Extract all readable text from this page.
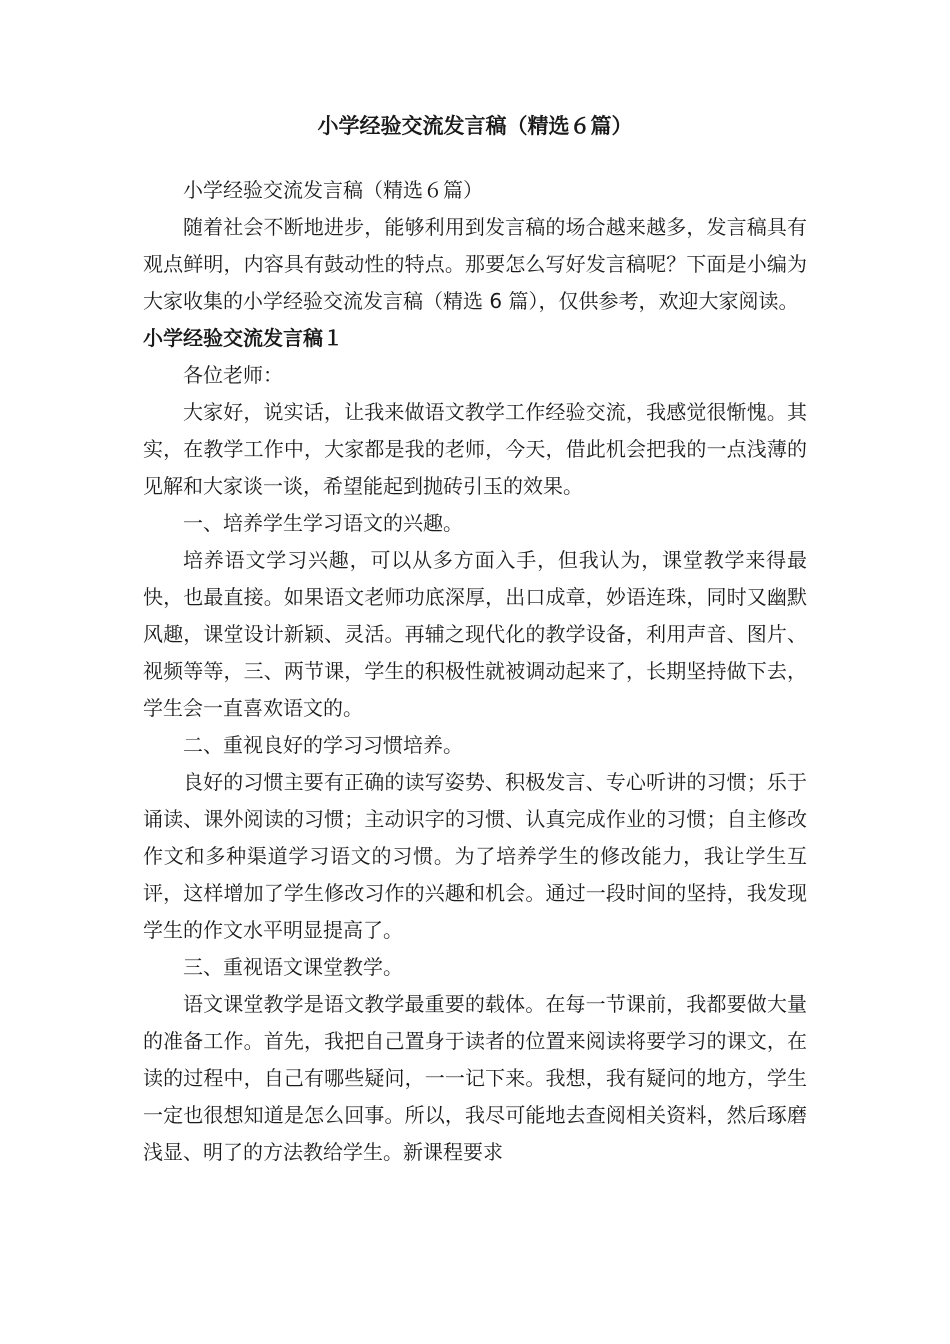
小学经验交流发言稿（精选６篇）

小学经验交流发言稿（精选６篇）

随着社会不断地进步，能够利用到发言稿的场合越来越多，发言稿具有观点鲜明，内容具有鼓动性的特点。那要怎么写好发言稿呢？下面是小编为大家收集的小学经验交流发言稿（精选 6 篇），仅供参考，欢迎大家阅读。

小学经验交流发言稿１

各位老师：

大家好，说实话，让我来做语文教学工作经验交流，我感觉很惭愧。其实，在教学工作中，大家都是我的老师，今天，借此机会把我的一点浅薄的见解和大家谈一谈，希望能起到抛砖引玉的效果。

一、培养学生学习语文的兴趣。

培养语文学习兴趣，可以从多方面入手，但我认为，课堂教学来得最快，也最直接。如果语文老师功底深厚，出口成章，妙语连珠，同时又幽默风趣，课堂设计新颖、灵活。再辅之现代化的教学设备，利用声音、图片、视频等等，三、两节课，学生的积极性就被调动起来了，长期坚持做下去，学生会一直喜欢语文的。

二、重视良好的学习习惯培养。

良好的习惯主要有正确的读写姿势、积极发言、专心听讲的习惯；乐于诵读、课外阅读的习惯；主动识字的习惯、认真完成作业的习惯；自主修改作文和多种渠道学习语文的习惯。为了培养学生的修改能力，我让学生互评，这样增加了学生修改习作的兴趣和机会。通过一段时间的坚持，我发现学生的作文水平明显提高了。

三、重视语文课堂教学。

语文课堂教学是语文教学最重要的载体。在每一节课前，我都要做大量的准备工作。首先，我把自己置身于读者的位置来阅读将要学习的课文，在读的过程中，自己有哪些疑问，一一记下来。我想，我有疑问的地方，学生一定也很想知道是怎么回事。所以，我尽可能地去查阅相关资料，然后琢磨浅显、明了的方法教给学生。新课程要求
